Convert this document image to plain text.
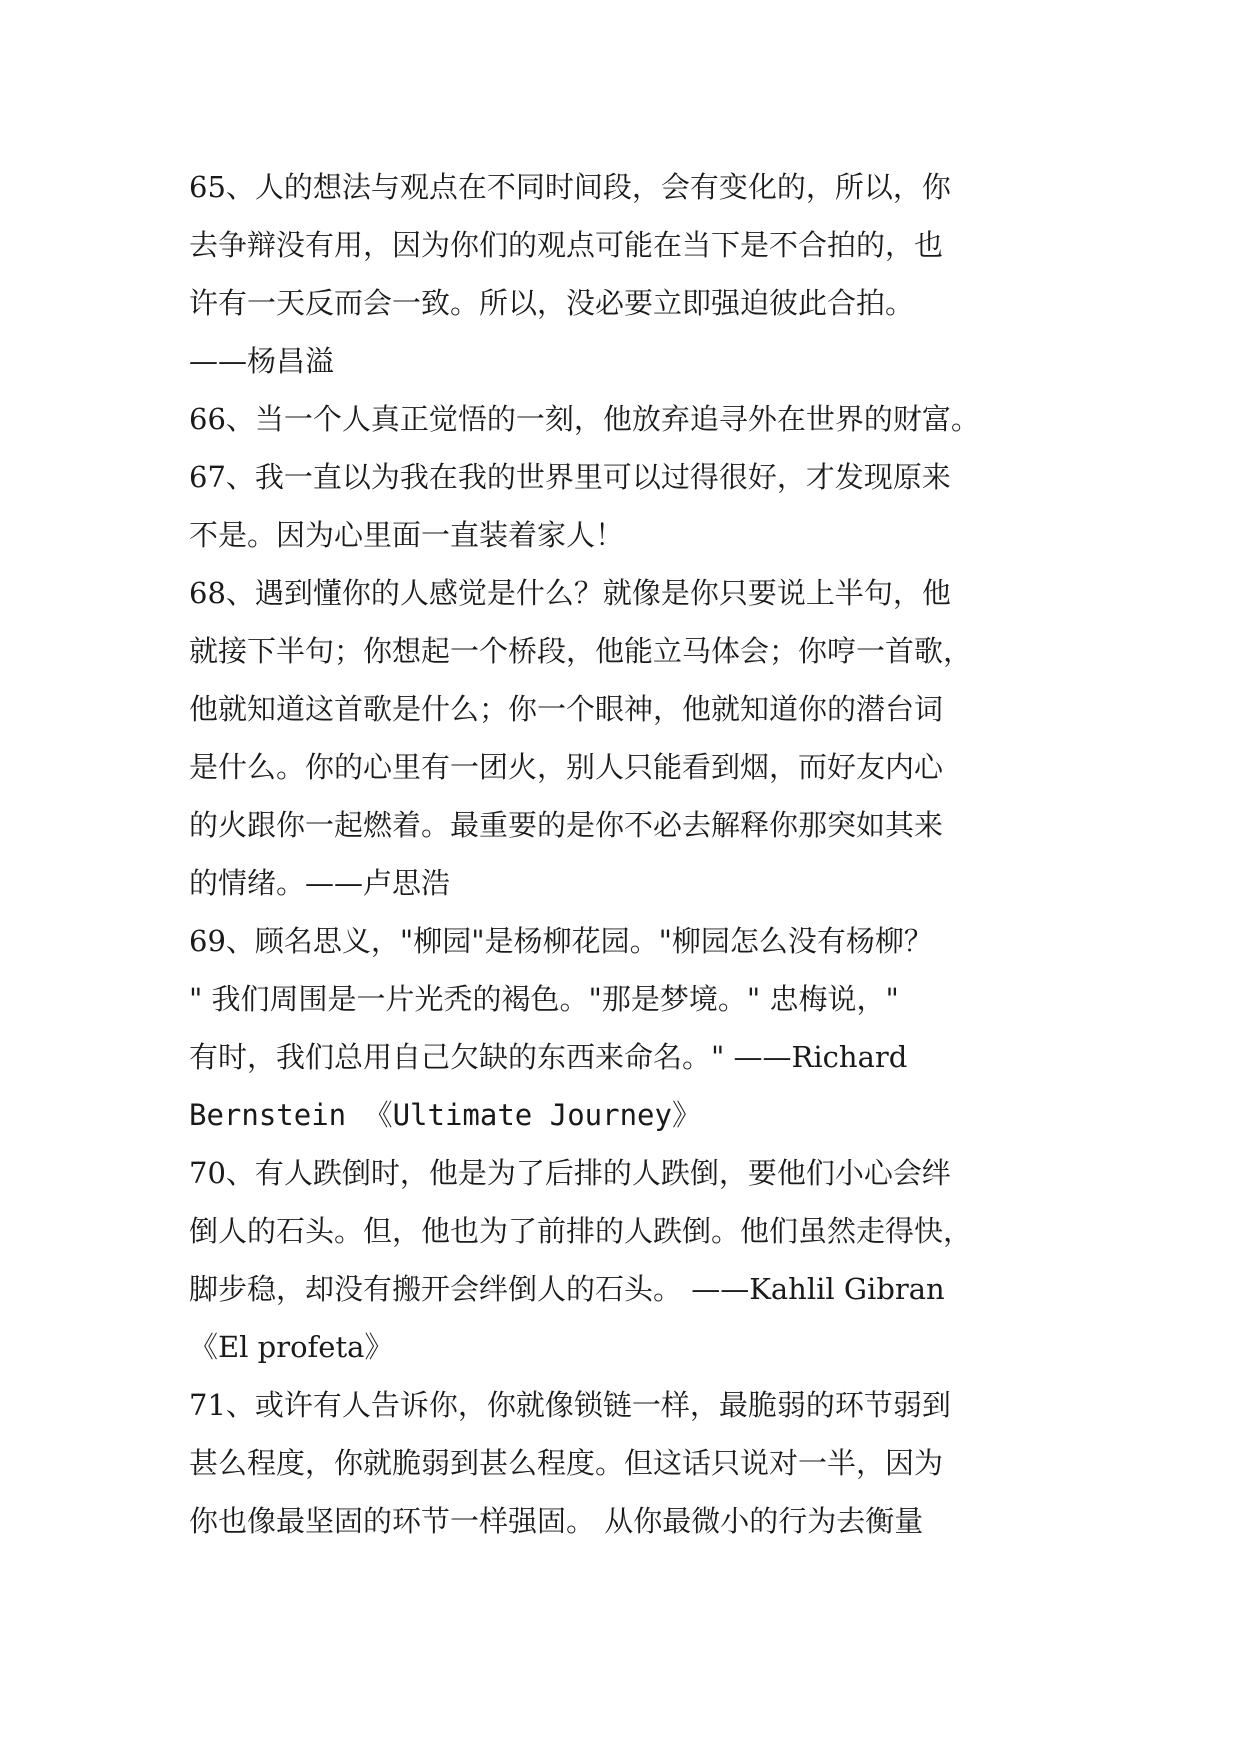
65、人的想法与观点在不同时间段，会有变化的，所以，你
去争辩没有用，因为你们的观点可能在当下是不合拍的，也
许有一天反而会一致。所以，没必要立即强迫彼此合拍。
——杨昌溢
66、当一个人真正觉悟的一刻，他放弃追寻外在世界的财富。
67、我一直以为我在我的世界里可以过得很好，才发现原来
不是。因为心里面一直装着家人！
68、遇到懂你的人感觉是什么？就像是你只要说上半句，他
就接下半句；你想起一个桥段，他能立马体会；你哼一首歌，
他就知道这首歌是什么；你一个眼神，他就知道你的潜台词
是什么。你的心里有一团火，别人只能看到烟，而好友内心
的火跟你一起燃着。最重要的是你不必去解释你那突如其来
的情绪。——卢思浩
69、顾名思义，"柳园"是杨柳花园。"柳园怎么没有杨柳？
" 我们周围是一片光秃的褐色。"那是梦境。" 忠梅说，"
有时，我们总用自己欠缺的东西来命名。" ——Richard
Bernstein 《Ultimate Journey》
70、有人跌倒时，他是为了后排的人跌倒，要他们小心会绊
倒人的石头。但，他也为了前排的人跌倒。他们虽然走得快，
脚步稳，却没有搬开会绊倒人的石头。 ——Kahlil Gibran
《El profeta》
71、或许有人告诉你，你就像锁链一样，最脆弱的环节弱到
甚么程度，你就脆弱到甚么程度。但这话只说对一半，因为
你也像最坚固的环节一样强固。 从你最微小的行为去衡量
